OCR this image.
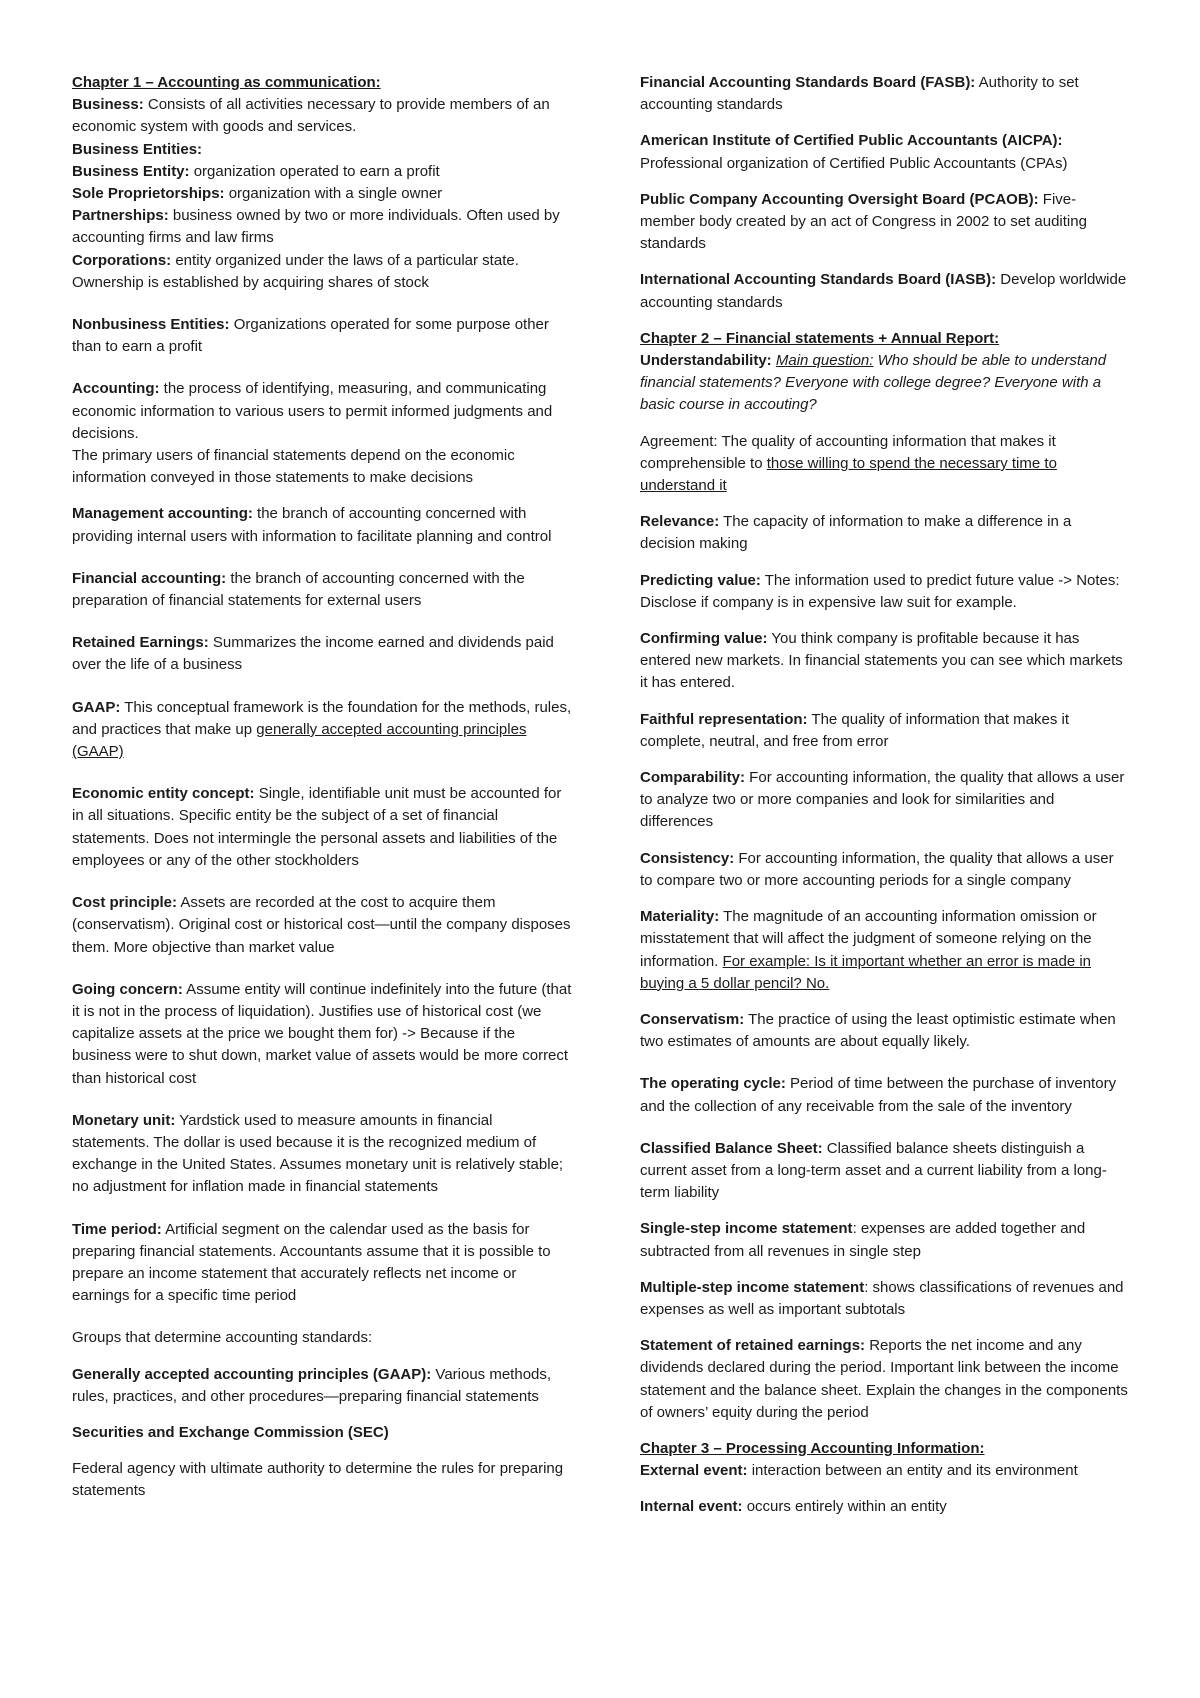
Chapter 1 – Accounting as communication:
Business: Consists of all activities necessary to provide members of an economic system with goods and services.
Business Entities:
Business Entity: organization operated to earn a profit
Sole Proprietorships: organization with a single owner
Partnerships: business owned by two or more individuals. Often used by accounting firms and law firms
Corporations: entity organized under the laws of a particular state. Ownership is established by acquiring shares of stock
Nonbusiness Entities: Organizations operated for some purpose other than to earn a profit
Accounting: the process of identifying, measuring, and communicating economic information to various users to permit informed judgments and decisions.
The primary users of financial statements depend on the economic information conveyed in those statements to make decisions
Management accounting: the branch of accounting concerned with providing internal users with information to facilitate planning and control
Financial accounting: the branch of accounting concerned with the preparation of financial statements for external users
Retained Earnings: Summarizes the income earned and dividends paid over the life of a business
GAAP: This conceptual framework is the foundation for the methods, rules, and practices that make up generally accepted accounting principles (GAAP)
Economic entity concept: Single, identifiable unit must be accounted for in all situations. Specific entity be the subject of a set of financial statements. Does not intermingle the personal assets and liabilities of the employees or any of the other stockholders
Cost principle: Assets are recorded at the cost to acquire them (conservatism). Original cost or historical cost—until the company disposes them. More objective than market value
Going concern: Assume entity will continue indefinitely into the future (that it is not in the process of liquidation). Justifies use of historical cost (we capitalize assets at the price we bought them for) -> Because if the business were to shut down, market value of assets would be more correct than historical cost
Monetary unit: Yardstick used to measure amounts in financial statements. The dollar is used because it is the recognized medium of exchange in the United States. Assumes monetary unit is relatively stable; no adjustment for inflation made in financial statements
Time period: Artificial segment on the calendar used as the basis for preparing financial statements. Accountants assume that it is possible to prepare an income statement that accurately reflects net income or earnings for a specific time period
Groups that determine accounting standards:
Generally accepted accounting principles (GAAP): Various methods, rules, practices, and other procedures—preparing financial statements
Securities and Exchange Commission (SEC)
Federal agency with ultimate authority to determine the rules for preparing statements
Financial Accounting Standards Board (FASB): Authority to set accounting standards
American Institute of Certified Public Accountants (AICPA): Professional organization of Certified Public Accountants (CPAs)
Public Company Accounting Oversight Board (PCAOB): Five-member body created by an act of Congress in 2002 to set auditing standards
International Accounting Standards Board (IASB): Develop worldwide accounting standards
Chapter 2 – Financial statements + Annual Report:
Understandability: Main question: Who should be able to understand financial statements? Everyone with college degree? Everyone with a basic course in accouting?
Agreement: The quality of accounting information that makes it comprehensible to those willing to spend the necessary time to understand it
Relevance: The capacity of information to make a difference in a decision making
Predicting value: The information used to predict future value -> Notes: Disclose if company is in expensive law suit for example.
Confirming value: You think company is profitable because it has entered new markets. In financial statements you can see which markets it has entered.
Faithful representation: The quality of information that makes it complete, neutral, and free from error
Comparability: For accounting information, the quality that allows a user to analyze two or more companies and look for similarities and differences
Consistency: For accounting information, the quality that allows a user to compare two or more accounting periods for a single company
Materiality: The magnitude of an accounting information omission or misstatement that will affect the judgment of someone relying on the information. For example: Is it important whether an error is made in buying a 5 dollar pencil? No.
Conservatism: The practice of using the least optimistic estimate when two estimates of amounts are about equally likely.
The operating cycle: Period of time between the purchase of inventory and the collection of any receivable from the sale of the inventory
Classified Balance Sheet: Classified balance sheets distinguish a current asset from a long-term asset and a current liability from a long-term liability
Single-step income statement: expenses are added together and subtracted from all revenues in single step
Multiple-step income statement: shows classifications of revenues and expenses as well as important subtotals
Statement of retained earnings: Reports the net income and any dividends declared during the period. Important link between the income statement and the balance sheet. Explain the changes in the components of owners’ equity during the period
Chapter 3 – Processing Accounting Information:
External event: interaction between an entity and its environment
Internal event: occurs entirely within an entity
